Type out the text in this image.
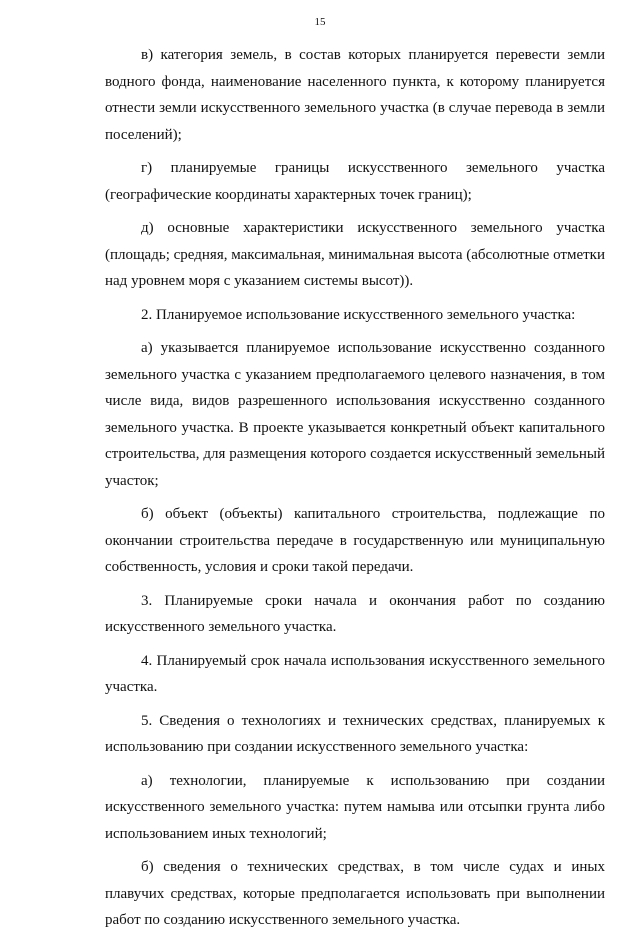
15

в) категория земель, в состав которых планируется перевести земли водного фонда, наименование населенного пункта, к которому планируется отнести земли искусственного земельного участка (в случае перевода в земли поселений);

г) планируемые границы искусственного земельного участка (географические координаты характерных точек границ);

д) основные характеристики искусственного земельного участка (площадь; средняя, максимальная, минимальная высота (абсолютные отметки над уровнем моря с указанием системы высот)).

2. Планируемое использование искусственного земельного участка:

а) указывается планируемое использование искусственно созданного земельного участка с указанием предполагаемого целевого назначения, в том числе вида, видов разрешенного использования искусственно созданного земельного участка. В проекте указывается конкретный объект капитального строительства, для размещения которого создается искусственный земельный участок;

б) объект (объекты) капитального строительства, подлежащие по окончании строительства передаче в государственную или муниципальную собственность, условия и сроки такой передачи.

3. Планируемые сроки начала и окончания работ по созданию искусственного земельного участка.

4. Планируемый срок начала использования искусственного земельного участка.

5. Сведения о технологиях и технических средствах, планируемых к использованию при создании искусственного земельного участка:

а) технологии, планируемые к использованию при создании искусственного земельного участка: путем намыва или отсыпки грунта либо использованием иных технологий;

б) сведения о технических средствах, в том числе судах и иных плавучих средствах, которые предполагается использовать при выполнении работ по созданию искусственного земельного участка.
